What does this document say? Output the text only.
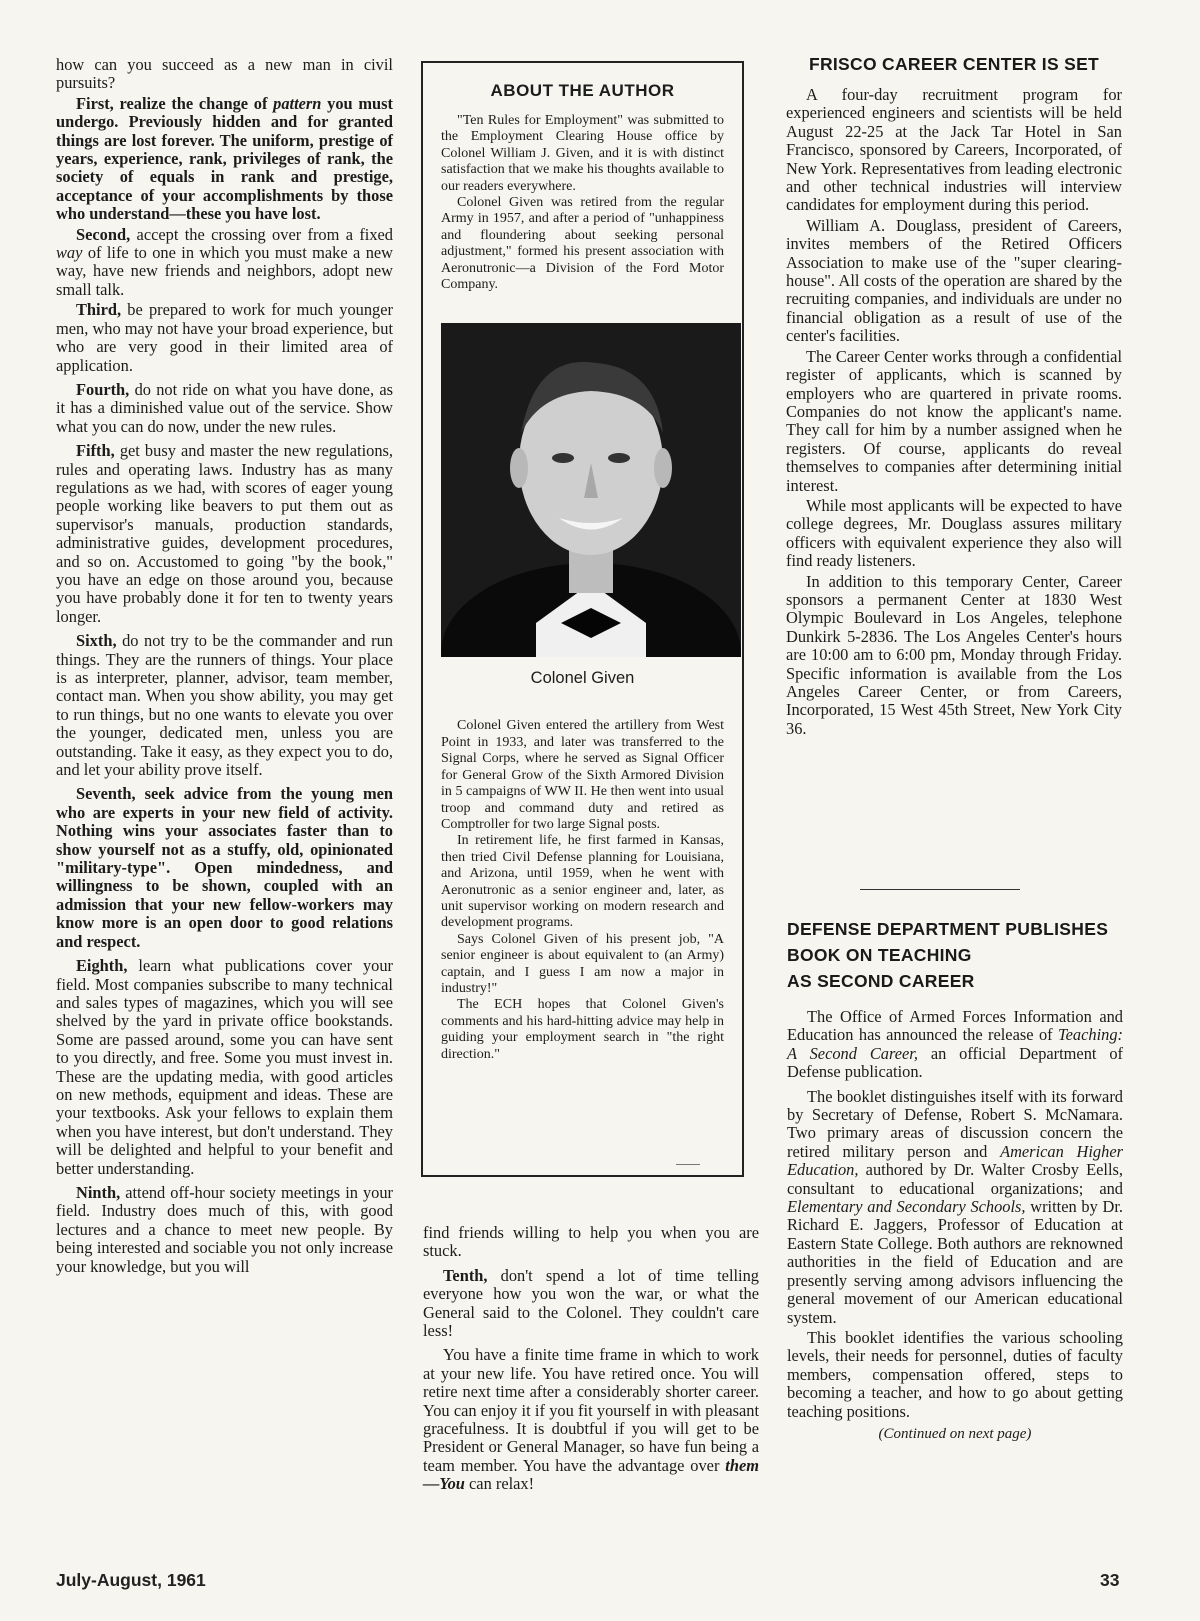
how can you succeed as a new man in civil pursuits?

First, realize the change of pattern you must undergo. Previously hidden and for granted things are lost forever. The uniform, prestige of years, experience, rank, privileges of rank, the society of equals in rank and prestige, acceptance of your accomplishments by those who understand—these you have lost.

Second, accept the crossing over from a fixed way of life to one in which you must make a new way, have new friends and neighbors, adopt new small talk.

Third, be prepared to work for much younger men, who may not have your broad experience, but who are very good in their limited area of application.

Fourth, do not ride on what you have done, as it has a diminished value out of the service. Show what you can do now, under the new rules.

Fifth, get busy and master the new regulations, rules and operating laws. Industry has as many regulations as we had, with scores of eager young people working like beavers to put them out as supervisor's manuals, production standards, administrative guides, development procedures, and so on. Accustomed to going "by the book," you have an edge on those around you, because you have probably done it for ten to twenty years longer.

Sixth, do not try to be the commander and run things. They are the runners of things. Your place is as interpreter, planner, advisor, team member, contact man. When you show ability, you may get to run things, but no one wants to elevate you over the younger, dedicated men, unless you are outstanding. Take it easy, as they expect you to do, and let your ability prove itself.

Seventh, seek advice from the young men who are experts in your new field of activity. Nothing wins your associates faster than to show yourself not as a stuffy, old, opinionated "military-type". Open mindedness, and willingness to be shown, coupled with an admission that your new fellow-workers may know more is an open door to good relations and respect.

Eighth, learn what publications cover your field. Most companies subscribe to many technical and sales types of magazines, which you will see shelved by the yard in private office bookstands. Some are passed around, some you can have sent to you directly, and free. Some you must invest in. These are the updating media, with good articles on new methods, equipment and ideas. These are your textbooks. Ask your fellows to explain them when you have interest, but don't understand. They will be delighted and helpful to your benefit and better understanding.

Ninth, attend off-hour society meetings in your field. Industry does much of this, with good lectures and a chance to meet new people. By being interested and sociable you not only increase your knowledge, but you will

ABOUT THE AUTHOR

"Ten Rules for Employment" was submitted to the Employment Clearing House office by Colonel William J. Given, and it is with distinct satisfaction that we make his thoughts available to our readers everywhere.

Colonel Given was retired from the regular Army in 1957, and after a period of "unhappiness and floundering about seeking personal adjustment," formed his present association with Aeronutronic—a Division of the Ford Motor Company.

Colonel Given

Colonel Given entered the artillery from West Point in 1933, and later was transferred to the Signal Corps, where he served as Signal Officer for General Grow of the Sixth Armored Division in 5 campaigns of WW II. He then went into usual troop and command duty and retired as Comptroller for two large Signal posts.

In retirement life, he first farmed in Kansas, then tried Civil Defense planning for Louisiana, and Arizona, until 1959, when he went with Aeronutronic as a senior engineer and, later, as unit supervisor working on modern research and development programs.

Says Colonel Given of his present job, "A senior engineer is about equivalent to (an Army) captain, and I guess I am now a major in industry!"

The ECH hopes that Colonel Given's comments and his hard-hitting advice may help in guiding your employment search in "the right direction."

find friends willing to help you when you are stuck.

Tenth, don't spend a lot of time telling everyone how you won the war, or what the General said to the Colonel. They couldn't care less!

You have a finite time frame in which to work at your new life. You have retired once. You will retire next time after a considerably shorter career. You can enjoy it if you fit yourself in with pleasant gracefulness. It is doubtful if you will get to be President or General Manager, so have fun being a team member. You have the advantage over them—You can relax!

FRISCO CAREER CENTER IS SET

A four-day recruitment program for experienced engineers and scientists will be held August 22-25 at the Jack Tar Hotel in San Francisco, sponsored by Careers, Incorporated, of New York. Representatives from leading electronic and other technical industries will interview candidates for employment during this period.

William A. Douglass, president of Careers, invites members of the Retired Officers Association to make use of the "super clearing-house". All costs of the operation are shared by the recruiting companies, and individuals are under no financial obligation as a result of use of the center's facilities.

The Career Center works through a confidential register of applicants, which is scanned by employers who are quartered in private rooms. Companies do not know the applicant's name. They call for him by a number assigned when he registers. Of course, applicants do reveal themselves to companies after determining initial interest.

While most applicants will be expected to have college degrees, Mr. Douglass assures military officers with equivalent experience they also will find ready listeners.

In addition to this temporary Center, Career sponsors a permanent Center at 1830 West Olympic Boulevard in Los Angeles, telephone Dunkirk 5-2836. The Los Angeles Center's hours are 10:00 am to 6:00 pm, Monday through Friday. Specific information is available from the Los Angeles Career Center, or from Careers, Incorporated, 15 West 45th Street, New York City 36.

DEFENSE DEPARTMENT PUBLISHES
BOOK ON TEACHING
AS SECOND CAREER

The Office of Armed Forces Information and Education has announced the release of Teaching: A Second Career, an official Department of Defense publication.

The booklet distinguishes itself with its forward by Secretary of Defense, Robert S. McNamara. Two primary areas of discussion concern the retired military person and American Higher Education, authored by Dr. Walter Crosby Eells, consultant to educational organizations; and Elementary and Secondary Schools, written by Dr. Richard E. Jaggers, Professor of Education at Eastern State College. Both authors are reknowned authorities in the field of Education and are presently serving among advisors influencing the general movement of our American educational system.

This booklet identifies the various schooling levels, their needs for personnel, duties of faculty members, compensation offered, steps to becoming a teacher, and how to go about getting teaching positions.

(Continued on next page)
July-August, 1961	33
